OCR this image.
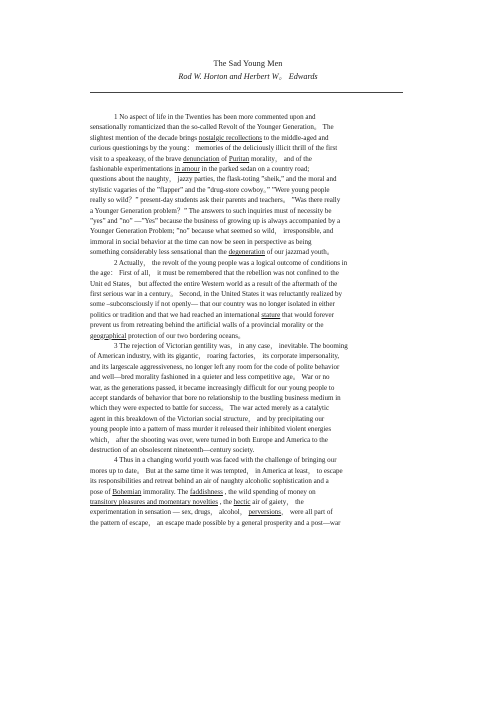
The Sad Young Men
Rod W. Horton and Herbert W。 Edwards
1 No aspect of life in the Twenties has been more commented upon and
sensationally romanticized than the so-called Revolt of the Younger Generation。 The
slightest mention of the decade brings nostalgic recollections to the middle-aged and
curious questionings by the young： memories of the deliciously illicit thrill of the first
visit to a speakeasy, of the brave denunciation of Puritan morality， and of the
fashionable experimentations in amour in the parked sedan on a country road;
questions about the naughty， jazzy parties, the flask-toting ”sheik,” and the moral and
stylistic vagaries of the ”flapper” and the ”drug-store cowboy。” ”Were young people
really so wild？” present-day students ask their parents and teachers。 ”Was there really
a Younger Generation problem？” The answers to such inquiries must of necessity be
”yes” and ”no” —”Yes” because the business of growing up is always accompanied by a
Younger Generation Problem; ”no” because what seemed so wild， irresponsible, and
immoral in social behavior at the time can now be seen in perspective as being
something considerably less sensational than the degeneration of our jazzmad youth。
2 Actually， the revolt of the young people was a logical outcome of conditions in
the age： First of all， it must be remembered that the rebellion was not confined to the
Unit ed States， but affected the entire Western world as a result of the aftermath of the
first serious war in a century。 Second, in the United States it was reluctantly realized by
some –subconsciously if not openly— that our country was no longer isolated in either
politics or tradition and that we had reached an international stature that would forever
prevent us from retreating behind the artificial walls of a provincial morality or the
geographical protection of our two bordering oceans。
3 The rejection of Victorian gentility was， in any case， inevitable. The booming
of American industry, with its gigantic， roaring factories， its corporate impersonality,
and its largescale aggressiveness, no longer left any room for the code of polite behavior
and well—bred morality fashioned in a quieter and less competitive age。 War or no
war, as the generations passed, it became increasingly difficult for our young people to
accept standards of behavior that bore no relationship to the bustling business medium in
which they were expected to battle for success。 The war acted merely as a catalytic
agent in this breakdown of the Victorian social structure， and by precipitating our
young people into a pattern of mass murder it released their inhibited violent energies
which， after the shooting was over, were turned in both Europe and America to the
destruction of an obsolescent nineteenth—century society.
4 Thus in a changing world youth was faced with the challenge of bringing our
mores up to date。 But at the same time it was tempted， in America at least， to escape
its responsibilities and retreat behind an air of naughty alcoholic sophistication and a
pose of Bohemian immorality. The faddishness , the wild spending of money on
transitory pleasures and momentary novelties , the hectic air of gaiety， the
experimentation in sensation — sex, drugs， alcohol， perversions， were all part of
the pattern of escape， an escape made possible by a general prosperity and a post—war
